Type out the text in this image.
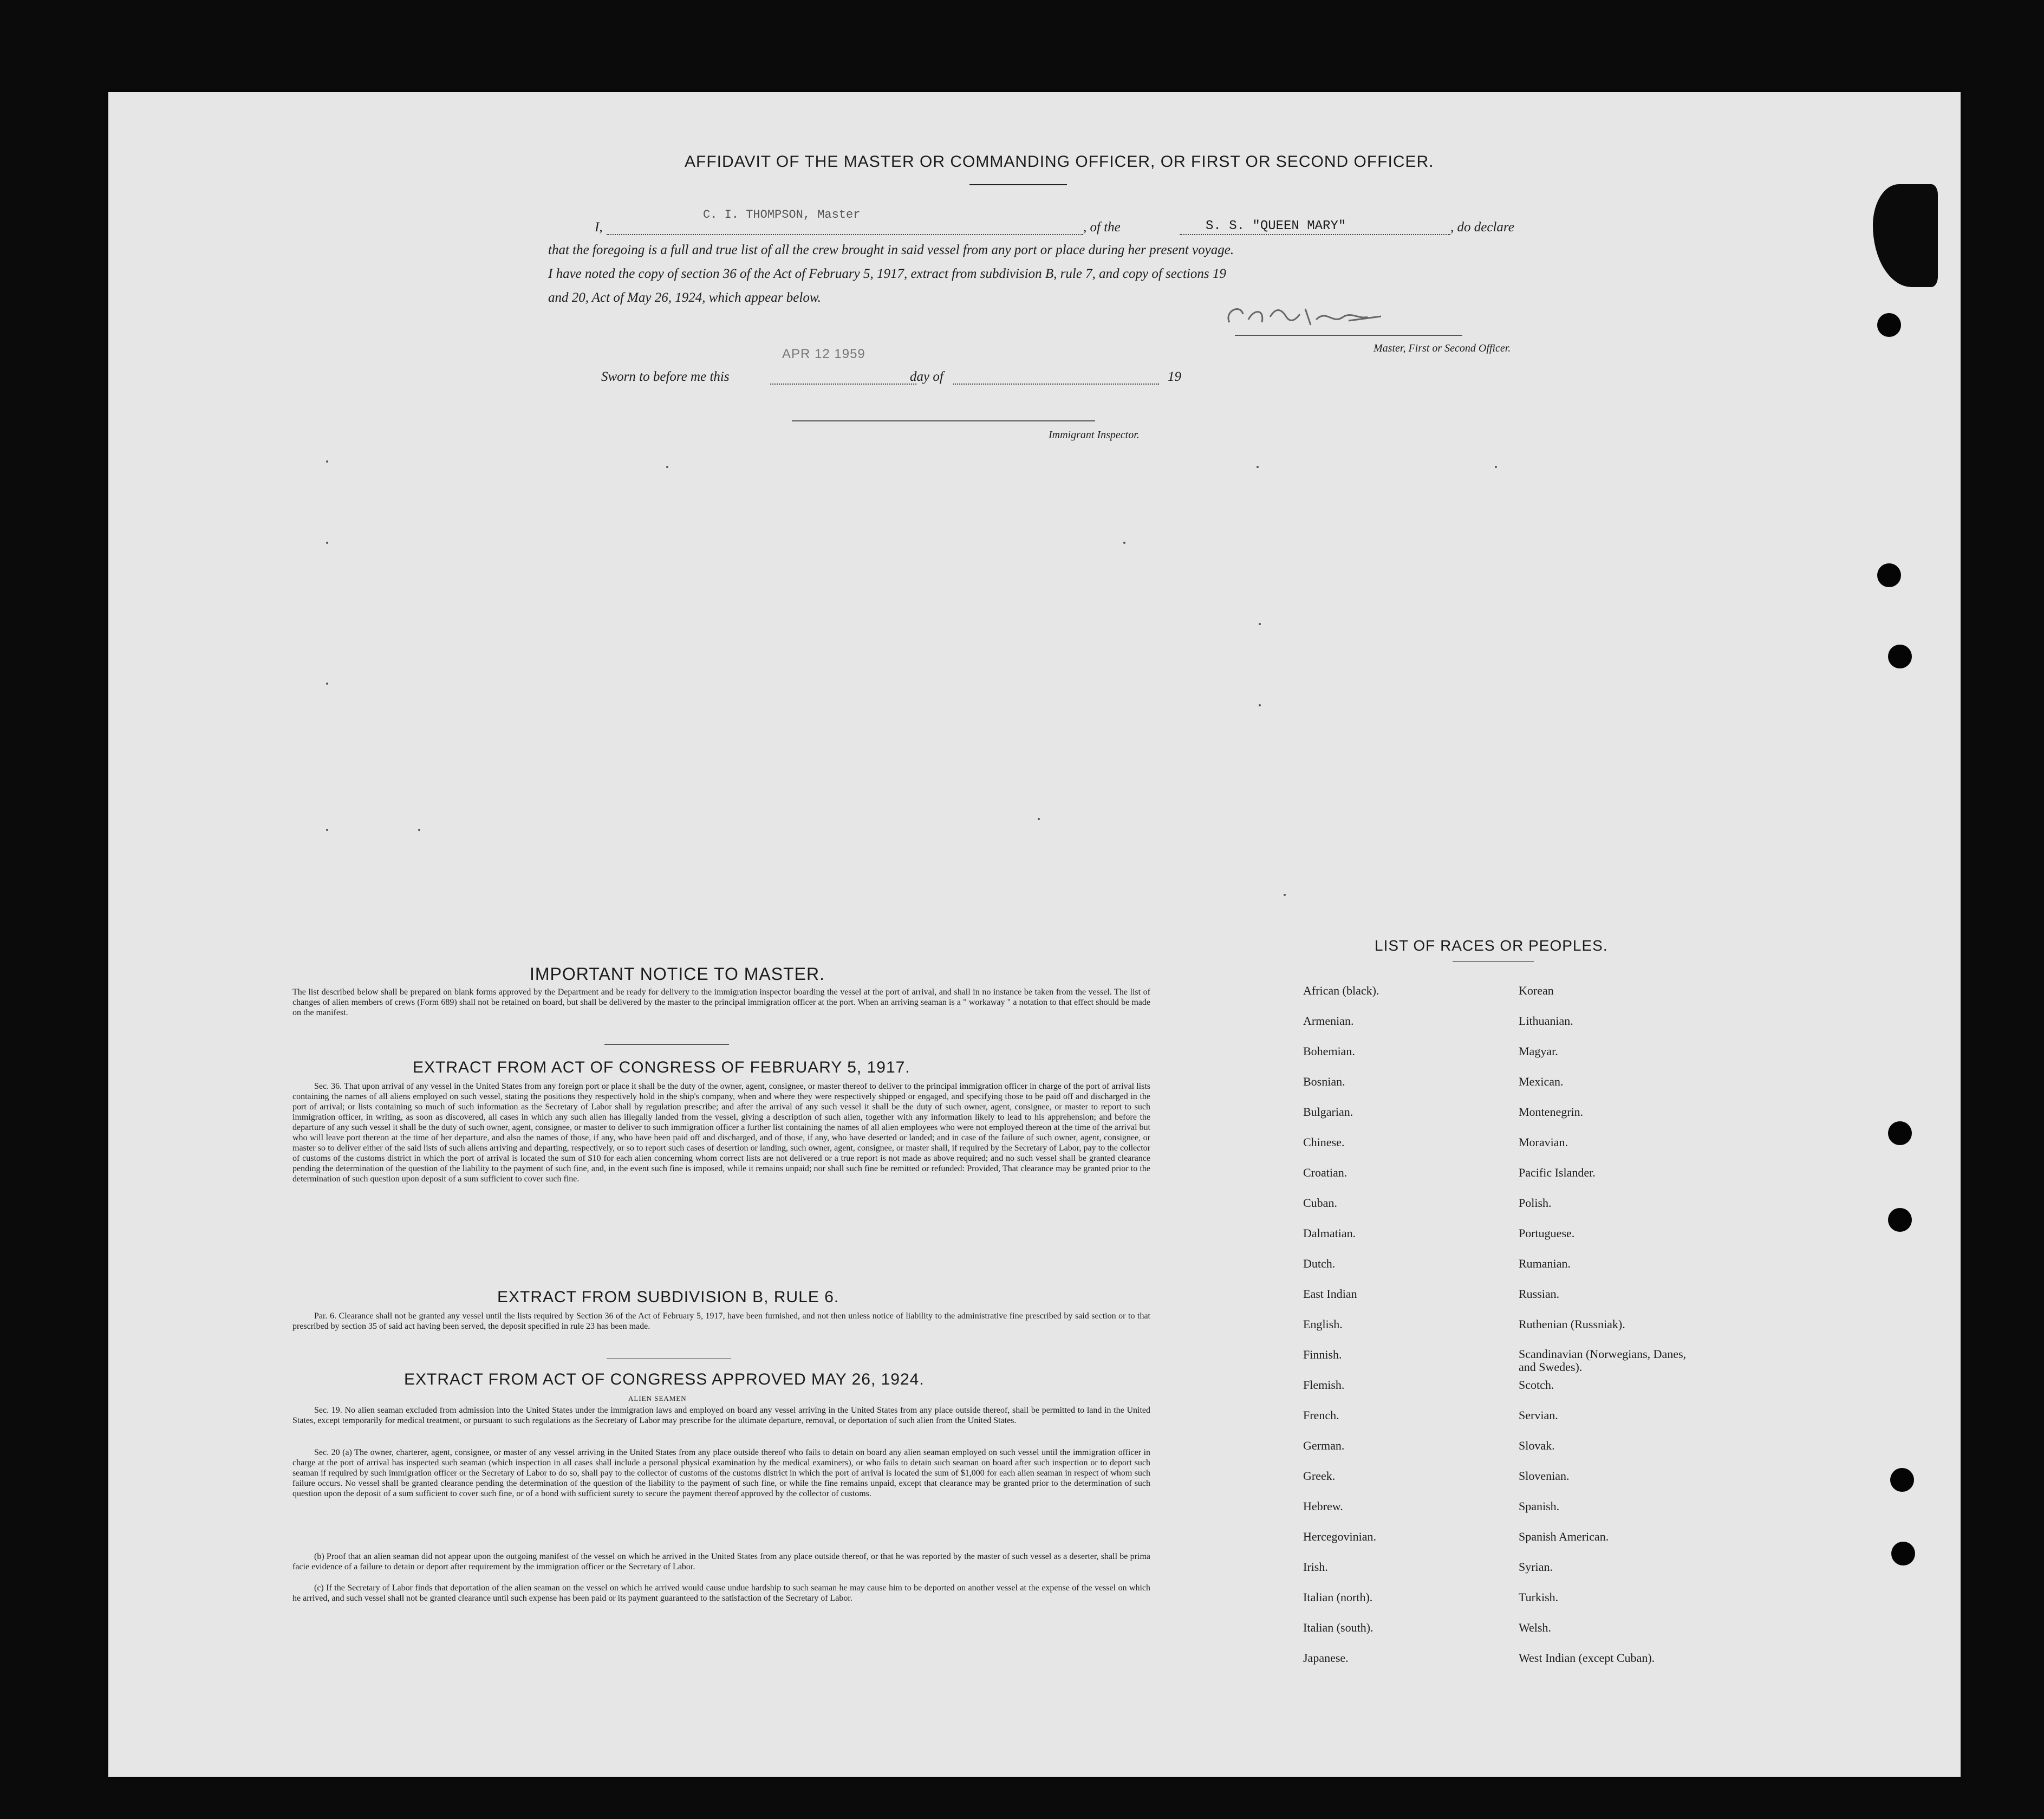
AFFIDAVIT OF THE MASTER OR COMMANDING OFFICER, OR FIRST OR SECOND OFFICER.
I,
C. I. THOMPSON, Master
, of the	S. S. "QUEEN MARY"	, do declare
that the foregoing is a full and true list of all the crew brought in said vessel from any port or place during her present voyage.
I have noted the copy of section 36 of the Act of February 5, 1917, extract from subdivision B, rule 7, and copy of sections 19
and 20, Act of May 26, 1924, which appear below.
Master, First or Second Officer.
APR 12 1959
Sworn to before me this	day of	19
Immigrant Inspector.
IMPORTANT NOTICE TO MASTER.
The list described below shall be prepared on blank forms approved by the Department and be ready for delivery to the immigration inspector boarding the vessel at the port of arrival, and shall in no instance be taken from the vessel. The list of changes of alien members of crews (Form 689) shall not be retained on board, but shall be delivered by the master to the principal immigration officer at the port. When an arriving seaman is a " workaway " a notation to that effect should be made on the manifest.
EXTRACT FROM ACT OF CONGRESS OF FEBRUARY 5, 1917.
Sec. 36. That upon arrival of any vessel in the United States from any foreign port or place it shall be the duty of the owner, agent, consignee, or master thereof to deliver to the principal immigration officer in charge of the port of arrival lists containing the names of all aliens employed on such vessel, stating the positions they respectively hold in the ship's company, when and where they were respectively shipped or engaged, and specifying those to be paid off and discharged in the port of arrival; or lists containing so much of such information as the Secretary of Labor shall by regulation prescribe; and after the arrival of any such vessel it shall be the duty of such owner, agent, consignee, or master to report to such immigration officer, in writing, as soon as discovered, all cases in which any such alien has illegally landed from the vessel, giving a description of such alien, together with any information likely to lead to his apprehension; and before the departure of any such vessel it shall be the duty of such owner, agent, consignee, or master to deliver to such immigration officer a further list containing the names of all alien employees who were not employed thereon at the time of the arrival but who will leave port thereon at the time of her departure, and also the names of those, if any, who have been paid off and discharged, and of those, if any, who have deserted or landed; and in case of the failure of such owner, agent, consignee, or master so to deliver either of the said lists of such aliens arriving and departing, respectively, or so to report such cases of desertion or landing, such owner, agent, consignee, or master shall, if required by the Secretary of Labor, pay to the collector of customs of the customs district in which the port of arrival is located the sum of $10 for each alien concerning whom correct lists are not delivered or a true report is not made as above required; and no such vessel shall be granted clearance pending the determination of the question of the liability to the payment of such fine, and, in the event such fine is imposed, while it remains unpaid; nor shall such fine be remitted or refunded: Provided, That clearance may be granted prior to the determination of such question upon deposit of a sum sufficient to cover such fine.
EXTRACT FROM SUBDIVISION B, RULE 6.
Par. 6. Clearance shall not be granted any vessel until the lists required by Section 36 of the Act of February 5, 1917, have been furnished, and not then unless notice of liability to the administrative fine prescribed by said section or to that prescribed by section 35 of said act having been served, the deposit specified in rule 23 has been made.
EXTRACT FROM ACT OF CONGRESS APPROVED MAY 26, 1924.
ALIEN SEAMEN
Sec. 19. No alien seaman excluded from admission into the United States under the immigration laws and employed on board any vessel arriving in the United States from any place outside thereof, shall be permitted to land in the United States, except temporarily for medical treatment, or pursuant to such regulations as the Secretary of Labor may prescribe for the ultimate departure, removal, or deportation of such alien from the United States.
Sec. 20 (a) The owner, charterer, agent, consignee, or master of any vessel arriving in the United States from any place outside thereof who fails to detain on board any alien seaman employed on such vessel until the immigration officer in charge at the port of arrival has inspected such seaman (which inspection in all cases shall include a personal physical examination by the medical examiners), or who fails to detain such seaman on board after such inspection or to deport such seaman if required by such immigration officer or the Secretary of Labor to do so, shall pay to the collector of customs of the customs district in which the port of arrival is located the sum of $1,000 for each alien seaman in respect of whom such failure occurs. No vessel shall be granted clearance pending the determination of the question of the liability to the payment of such fine, or while the fine remains unpaid, except that clearance may be granted prior to the determination of such question upon the deposit of a sum sufficient to cover such fine, or of a bond with sufficient surety to secure the payment thereof approved by the collector of customs.
(b) Proof that an alien seaman did not appear upon the outgoing manifest of the vessel on which he arrived in the United States from any place outside thereof, or that he was reported by the master of such vessel as a deserter, shall be prima facie evidence of a failure to detain or deport after requirement by the immigration officer or the Secretary of Labor.
(c) If the Secretary of Labor finds that deportation of the alien seaman on the vessel on which he arrived would cause undue hardship to such seaman he may cause him to be deported on another vessel at the expense of the vessel on which he arrived, and such vessel shall not be granted clearance until such expense has been paid or its payment guaranteed to the satisfaction of the Secretary of Labor.
LIST OF RACES OR PEOPLES.
African (black).
Armenian.
Bohemian.
Bosnian.
Bulgarian.
Chinese.
Croatian.
Cuban.
Dalmatian.
Dutch.
East Indian
English.
Finnish.
Flemish.
French.
German.
Greek.
Hebrew.
Hercegovinian.
Irish.
Italian (north).
Italian (south).
Japanese.
Korean
Lithuanian.
Magyar.
Mexican.
Montenegrin.
Moravian.
Pacific Islander.
Polish.
Portuguese.
Rumanian.
Russian.
Ruthenian (Russniak).
Scandinavian (Norwegians, Danes, and Swedes).
Scotch.
Servian.
Slovak.
Slovenian.
Spanish.
Spanish American.
Syrian.
Turkish.
Welsh.
West Indian (except Cuban).
